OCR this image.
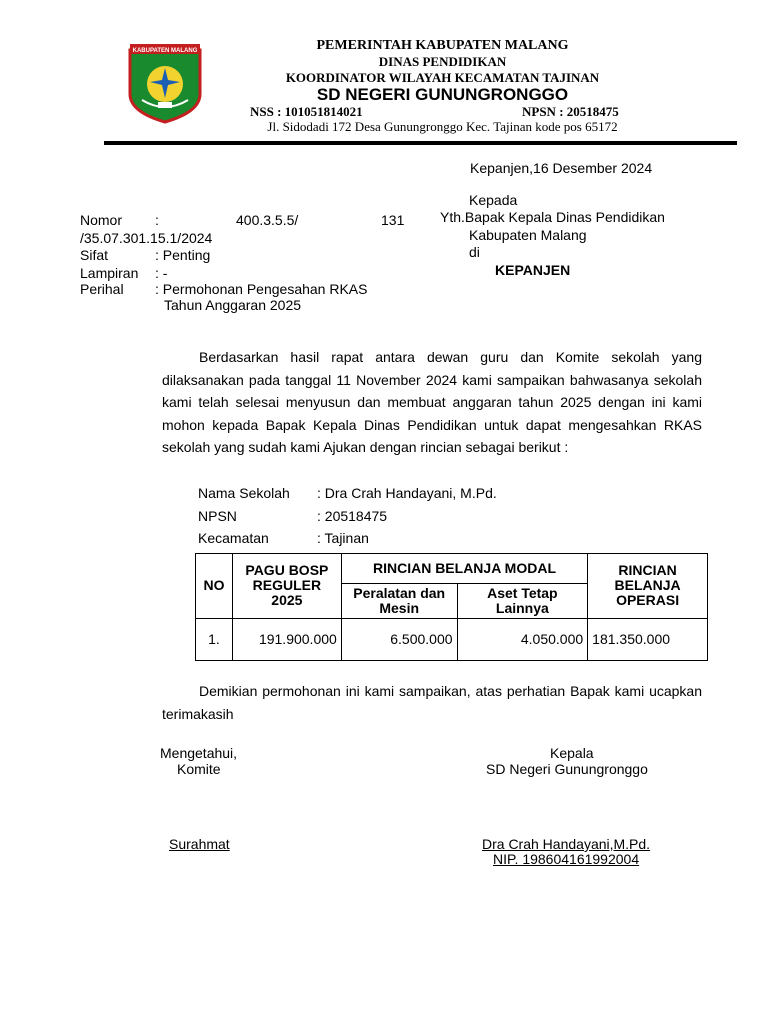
KABUPATEN MALANG	PEMERINTAH KABUPATEN MALANG
DINAS PENDIDIKAN
KOORDINATOR WILAYAH KECAMATAN TAJINAN
SD NEGERI GUNUNGRONGGO
NSS : 101051814021	NPSN : 20518475
Jl. Sidodadi 172 Desa Gunungronggo Kec. Tajinan kode pos 65172
Kepanjen,16 Desember 2024
Kepada
Yth.Bapak Kepala Dinas Pendidikan
Kabupaten Malang
di
KEPANJEN
Nomor :	400.3.5.5/	131
/35.07.301.15.1/2024
Sifat	: Penting
Lampiran : -
Perihal : Permohonan Pengesahan RKAS
Tahun Anggaran 2025
Berdasarkan hasil rapat antara dewan guru dan Komite sekolah yang dilaksanakan pada tanggal 11 November 2024 kami sampaikan bahwasanya sekolah kami telah selesai menyusun dan membuat anggaran tahun 2025 dengan ini kami mohon kepada Bapak Kepala Dinas Pendidikan untuk dapat mengesahkan RKAS sekolah yang sudah kami Ajukan dengan rincian sebagai berikut :
Nama Sekolah : Dra Crah Handayani, M.Pd.
NPSN	: 20518475
Kecamatan	: Tajinan
NO	PAGU BOSP REGULER 2025	RINCIAN BELANJA MODAL		RINCIAN BELANJA OPERASI
		Peralatan dan Mesin	Aset Tetap Lainnya	
1.	191.900.000	6.500.000	4.050.000	181.350.000
Demikian permohonan ini kami sampaikan, atas perhatian Bapak kami ucapkan terimakasih
Mengetahui,
Komite
Surahmat
Kepala
SD Negeri Gunungronggo
Dra Crah Handayani,M.Pd.
NIP. 198604161992004
